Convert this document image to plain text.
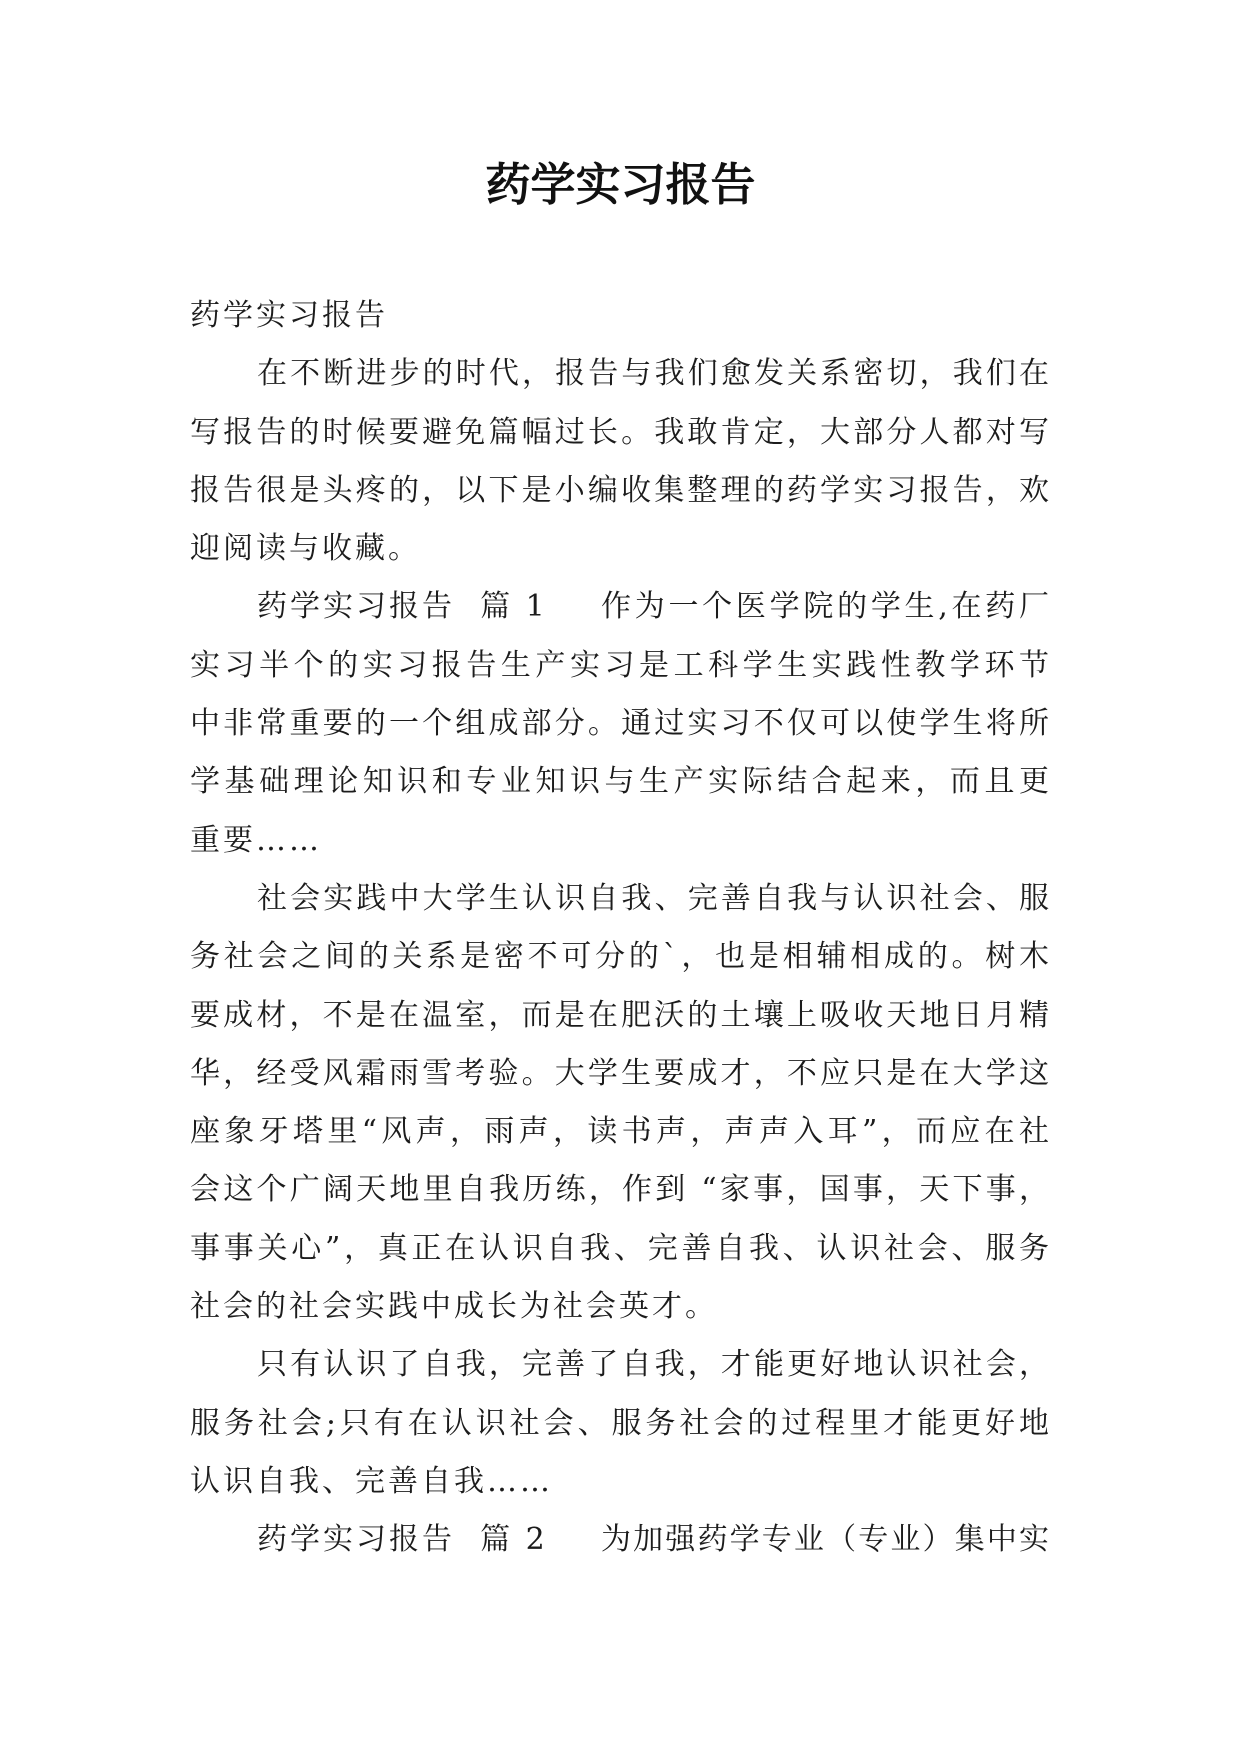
药学实习报告
药学实习报告
在不断进步的时代，报告与我们愈发关系密切，我们在
写报告的时候要避免篇幅过长。我敢肯定，大部分人都对写
报告很是头疼的，以下是小编收集整理的药学实习报告，欢
迎阅读与收藏。
药学实习报告  篇 1	作为一个医学院的学生,在药厂
实习半个的实习报告生产实习是工科学生实践性教学环节
中非常重要的一个组成部分。通过实习不仅可以使学生将所
学基础理论知识和专业知识与生产实际结合起来，而且更
重要……
社会实践中大学生认识自我、完善自我与认识社会、服
务社会之间的关系是密不可分的`，也是相辅相成的。树木
要成材，不是在温室，而是在肥沃的土壤上吸收天地日月精
华，经受风霜雨雪考验。大学生要成才，不应只是在大学这
座象牙塔里“风声，雨声，读书声，声声入耳”，而应在社
会这个广阔天地里自我历练，作到 “家事，国事，天下事，
事事关心”，真正在认识自我、完善自我、认识社会、服务
社会的社会实践中成长为社会英才。
只有认识了自我，完善了自我，才能更好地认识社会，
服务社会;只有在认识社会、服务社会的过程里才能更好地
认识自我、完善自我……
药学实习报告  篇 2	为加强药学专业（专业）集中实
